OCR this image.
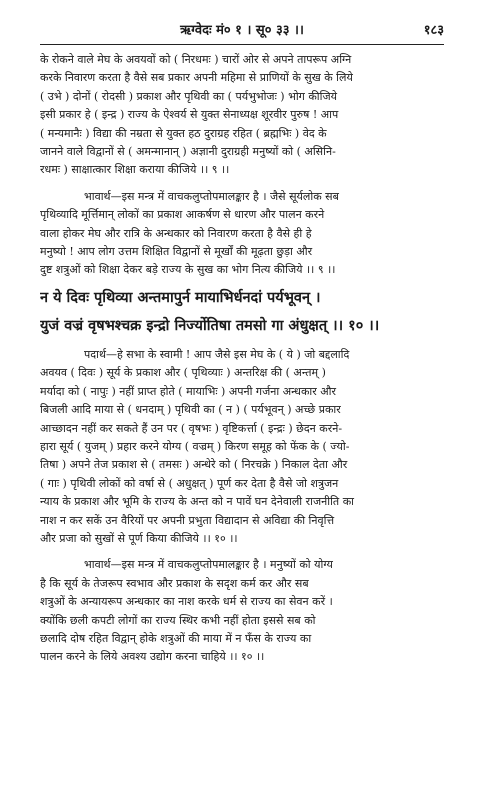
ऋग्वेदः मं० १ । सू० ३३ ।।	१८३
के रोकने वाले मेघ के अवयवों को ( निरधमः ) चारों ओर से अपने तापरूप अग्नि
करके निवारण करता है वैसे सब प्रकार अपनी महिमा से प्राणियों के सुख के लिये
( उभे ) दोनों ( रोदसी ) प्रकाश और पृथिवी का ( पर्यभुभोजः ) भोग कीजिये
इसी प्रकार हे ( इन्द्र ) राज्य के ऐश्वर्य से युक्त सेनाध्यक्ष शूरवीर पुरुष ! आप
( मन्यमानैः ) विद्या की नम्रता से युक्त हठ दुराग्रह रहित ( ब्रह्मभिः ) वेद के
जानने वाले विद्वानों से ( अमन्मानान् ) अज्ञानी दुराग्रही मनुष्यों को ( असिनि-
रधमः ) साक्षात्कार शिक्षा कराया कीजिये ।। ९ ।।
भावार्थ—इस मन्त्र में वाचकलुप्तोपमालङ्कार है । जैसे सूर्यलोक सब
पृथिव्यादि मूर्त्तिमान् लोकों का प्रकाश आकर्षण से धारण और पालन करने
वाला होकर मेघ और रात्रि के अन्धकार को निवारण करता है वैसे ही हे
मनुष्यो ! आप लोग उत्तम शिक्षित विद्वानों से मूर्खों की मूढ़ता छुड़ा और
दुष्ट शत्रुओं को शिक्षा देकर बड़े राज्य के सुख का भोग नित्य कीजिये ।। ९ ।।
न ये दिवः पृथिव्या अन्तमापुर्न मायाभिर्धनदां पर्यभूवन् ।
युजं वज्रं वृषभश्चक्र इन्द्रो निर्ज्योतिषा तमसो गा अंधुक्षत् ।। १० ।।
पदार्थ—हे सभा के स्वामी ! आप जैसे इस मेघ के ( ये ) जो बद्दलादि
अवयव ( दिवः ) सूर्य के प्रकाश और ( पृथिव्याः ) अन्तरिक्ष की ( अन्तम् )
मर्यादा को ( नापुः ) नहीं प्राप्त होते ( मायाभिः ) अपनी गर्जना अन्धकार और
बिजली आदि माया से ( धनदाम् ) पृथिवी का ( न ) ( पर्यभूवन् ) अच्छे प्रकार
आच्छादन नहीं कर सकते हैं उन पर ( वृषभः ) वृष्टिकर्त्ता ( इन्द्रः ) छेदन करने-
हारा सूर्य ( युजम् ) प्रहार करने योग्य ( वज्रम् ) किरण समूह को फेंक के ( ज्यो-
तिषा ) अपने तेज प्रकाश से ( तमसः ) अन्धेरे को ( निरचक्रे ) निकाल देता और
( गाः ) पृथिवी लोकों को वर्षा से ( अधुक्षत् ) पूर्ण कर देता है वैसे जो शत्रुजन
न्याय के प्रकाश और भूमि के राज्य के अन्त को न पावें घन देनेवाली राजनीति का
नाश न कर सकें उन वैरियों पर अपनी प्रभुता विद्यादान से अविद्या की निवृत्ति
और प्रजा को सुखों से पूर्ण किया कीजिये ।। १० ।।
भावार्थ—इस मन्त्र में वाचकलुप्तोपमालङ्कार है । मनुष्यों को योग्य
है कि सूर्य के तेजरूप स्वभाव और प्रकाश के सदृश कर्म कर और सब
शत्रुओं के अन्यायरूप अन्धकार का नाश करके धर्म से राज्य का सेवन करें ।
क्योंकि छली कपटी लोगों का राज्य स्थिर कभी नहीं होता इससे सब को
छलादि दोष रहित विद्वान् होके शत्रुओं की माया में न फँस के राज्य का
पालन करने के लिये अवश्य उद्योग करना चाहिये ।। १० ।।
